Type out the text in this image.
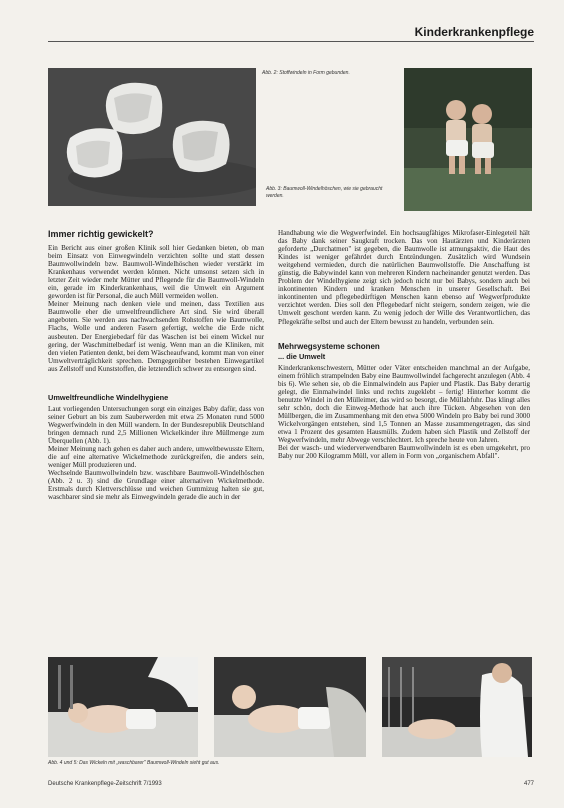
Kinderkrankenpflege
Abb. 2: Stoffwindeln in Form gebunden.
Abb. 3: Baumwoll-Windelhöschen, wie sie gebraucht werden.
Immer richtig gewickelt?

Ein Bericht aus einer großen Klinik soll hier Gedanken bieten, ob man beim Einsatz von Einwegwindeln verzichten sollte und statt dessen Baumwollwindeln bzw. Baumwoll-Windelhöschen wieder verstärkt im Krankenhaus verwendet werden können. Nicht umsonst setzen sich in letzter Zeit wieder mehr Mütter und Pflegende für die Baumwoll-Windeln ein, gerade im Kinderkrankenhaus, weil die Umwelt ein Argument geworden ist für Personal, die auch Müll vermeiden wollen.

Meiner Meinung nach denken viele und meinen, dass Textilien aus Baumwolle eher die umweltfreundlichere Art sind. Sie wird überall angeboten. Sie werden aus nachwachsenden Rohstoffen wie Baumwolle, Flachs, Wolle und anderen Fasern gefertigt, welche die Erde nicht ausbeuten. Der Energiebedarf für das Waschen ist bei einem Wickel nur gering, der Waschmittelbedarf ist wenig. Wenn man an die Kliniken, mit den vielen Patienten denkt, bei dem Wäscheaufwand, kommt man von einer Umweltverträglichkeit sprechen. Demgegenüber bestehen Einwegartikel aus Zellstoff und Kunststoffen, die letztendlich schwer zu entsorgen sind.

Umweltfreundliche Windelhygiene

Laut vorliegenden Untersuchungen sorgt ein einziges Baby dafür, dass von seiner Geburt an bis zum Sauberwerden mit etwa 25 Monaten rund 5000 Wegwerfwindeln in den Müll wandern. In der Bundesrepublik Deutschland bringen demnach rund 2,5 Millionen Wickelkinder ihre Müllmenge zum Überquellen (Abb. 1).

Meiner Meinung nach gehen es daher auch andere, umweltbewusste Eltern, die auf eine alternative Wickelmethode zurückgreifen, die anders sein, weniger Müll produzieren und.

Wechselnde Baumwollwindeln bzw. waschbare Baumwoll-Windelhöschen (Abb. 2 u. 3) sind die Grundlage einer alternativen Wickelmethode. Erstmals durch Klettverschlüsse und weichen Gummizug halten sie gut, waschbarer sind sie mehr als Einwegwindeln gerade die auch in der

Handhabung wie die Wegwerfwindel. Ein hochsaugfähiges Mikrofaser-Einlegeteil hält das Baby dank seiner Saugkraft trocken. Das von Hautärzten und Kinderärzten geforderte „Durchatmen" ist gegeben, die Baumwolle ist atmungsaktiv, die Haut des Kindes ist weniger gefährdet durch Entzündungen. Zusätzlich wird Wundsein weitgehend vermieden, durch die natürlichen Baumwollstoffe. Die Anschaffung ist günstig, die Babywindel kann von mehreren Kindern nacheinander genutzt werden. Das Problem der Windelhygiene zeigt sich jedoch nicht nur bei Babys, sondern auch bei inkontinenten Kindern und kranken Menschen in unserer Gesellschaft. Bei inkontinenten und pflegebedürftigen Menschen kann ebenso auf Wegwerfprodukte verzichtet werden. Dies soll den Pflegebedarf nicht steigern, sondern zeigen, wie die Umwelt geschont werden kann. Zu wenig jedoch der Wille des Verantwortlichen, das Pflegekräfte selbst und auch der Eltern bewusst zu handeln, verbunden sein.

Mehrwegsysteme schonen
... die Umwelt

Kinderkrankenschwestern, Mütter oder Väter entscheiden manchmal an der Aufgabe, einem fröhlich strampelnden Baby eine Baumwollwindel fachgerecht anzulegen (Abb. 4 bis 6). Wie sehen sie, ob die Einmalwindeln aus Papier und Plastik. Das Baby derartig gelegt, die Einmalwindel links und rechts zugeklebt – fertig! Hinterher kommt die benutzte Windel in den Mülleimer, das wird so besorgt, die Müllabfuhr. Das klingt alles sehr schön, doch die Einweg-Methode hat auch ihre Tücken. Abgesehen von den Müllbergen, die im Zusammenhang mit den etwa 5000 Windeln pro Baby bei rund 3000 Wickelvorgängen entstehen, sind 1,5 Tonnen an Masse zusammengetragen, das sind etwa 1 Prozent des gesamten Hausmülls. Zudem haben sich Plastik und Zellstoff der Wegwerfwindeln, mehr Abwege verschlechtert. Ich spreche heute von Jahren.

Bei der wasch- und wiederverwendbaren Baumwollwindeln ist es eben umgekehrt, pro Baby nur 200 Kilogramm Müll, vor allem in Form von „organischem Abfall".

Abb. 4 und 5: Das Wickeln mit „waschbarer" Baumwoll-Windeln sieht gut aus.
Deutsche Krankenpflege-Zeitschrift 7/1993	477
